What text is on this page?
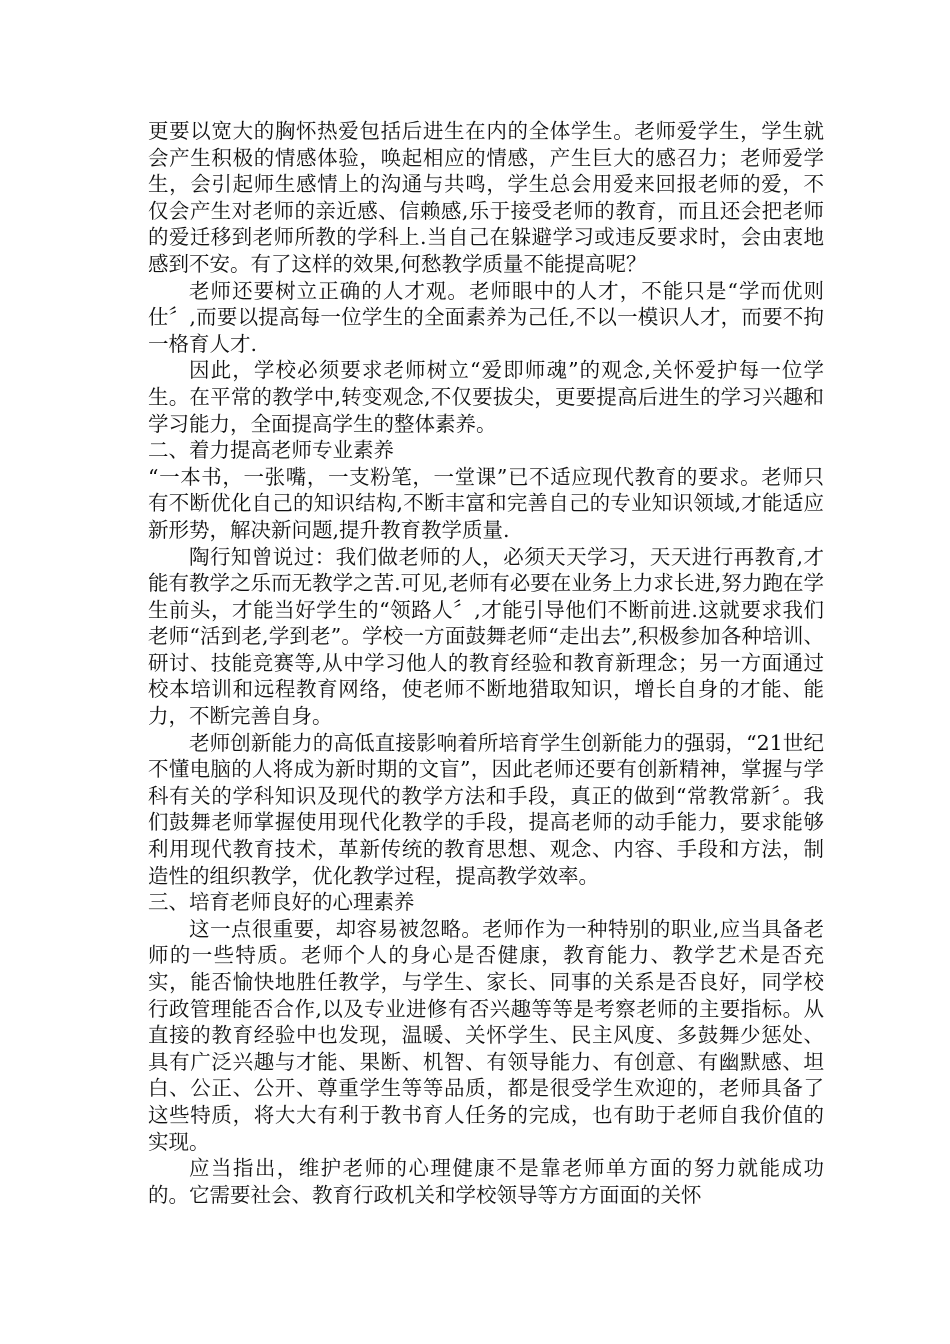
更要以宽大的胸怀热爱包括后进生在内的全体学生。老师爱学生，学生就会产生积极的情感体验，唤起相应的情感，产生巨大的感召力；老师爱学生，会引起师生感情上的沟通与共鸣，学生总会用爱来回报老师的爱，不仅会产生对老师的亲近感、信赖感,乐于接受老师的教育，而且还会把老师的爱迁移到老师所教的学科上.当自己在躲避学习或违反要求时，会由衷地感到不安。有了这样的效果,何愁教学质量不能提高呢？

老师还要树立正确的人才观。老师眼中的人才，不能只是“学而优则仕〞,而要以提高每一位学生的全面素养为己任,不以一模识人才，而要不拘一格育人才.

因此，学校必须要求老师树立“爱即师魂”的观念,关怀爱护每一位学生。在平常的教学中,转变观念,不仅要拔尖，更要提高后进生的学习兴趣和学习能力，全面提高学生的整体素养。

二、着力提高老师专业素养

“一本书，一张嘴，一支粉笔，一堂课”已不适应现代教育的要求。老师只有不断优化自己的知识结构,不断丰富和完善自己的专业知识领域,才能适应新形势，解决新问题,提升教育教学质量.

陶行知曾说过：我们做老师的人，必须天天学习，天天进行再教育,才能有教学之乐而无教学之苦.可见,老师有必要在业务上力求长进,努力跑在学生前头，才能当好学生的“领路人〞,才能引导他们不断前进.这就要求我们老师“活到老,学到老”。学校一方面鼓舞老师“走出去”,积极参加各种培训、研讨、技能竞赛等,从中学习他人的教育经验和教育新理念；另一方面通过校本培训和远程教育网络，使老师不断地猎取知识，增长自身的才能、能力，不断完善自身。

老师创新能力的高低直接影响着所培育学生创新能力的强弱，“21世纪不懂电脑的人将成为新时期的文盲”，因此老师还要有创新精神，掌握与学科有关的学科知识及现代的教学方法和手段，真正的做到“常教常新〞。我们鼓舞老师掌握使用现代化教学的手段，提高老师的动手能力，要求能够利用现代教育技术，革新传统的教育思想、观念、内容、手段和方法，制造性的组织教学，优化教学过程，提高教学效率。

三、培育老师良好的心理素养

这一点很重要，却容易被忽略。老师作为一种特别的职业,应当具备老师的一些特质。老师个人的身心是否健康，教育能力、教学艺术是否充实，能否愉快地胜任教学，与学生、家长、同事的关系是否良好，同学校行政管理能否合作,以及专业进修有否兴趣等等是考察老师的主要指标。从直接的教育经验中也发现，温暖、关怀学生、民主风度、多鼓舞少惩处、具有广泛兴趣与才能、果断、机智、有领导能力、有创意、有幽默感、坦白、公正、公开、尊重学生等等品质，都是很受学生欢迎的，老师具备了这些特质，将大大有利于教书育人任务的完成，也有助于老师自我价值的实现。

应当指出，维护老师的心理健康不是靠老师单方面的努力就能成功的。它需要社会、教育行政机关和学校领导等方方面面的关怀
